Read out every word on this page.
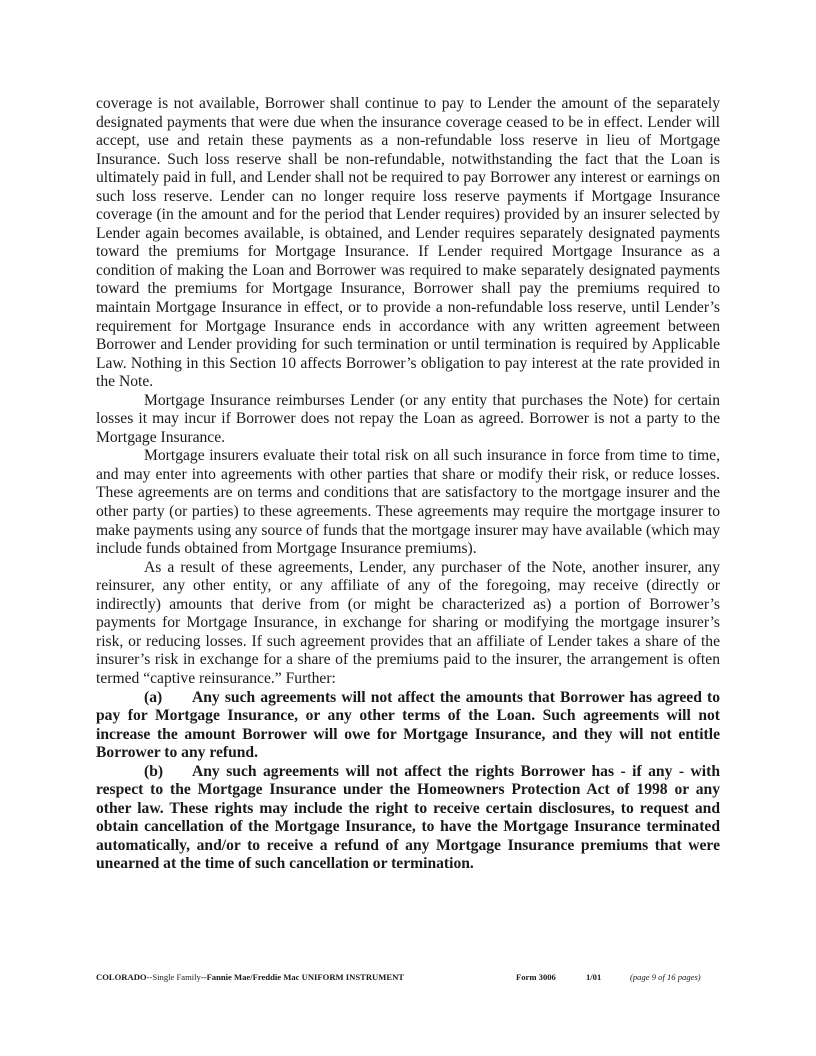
coverage is not available, Borrower shall continue to pay to Lender the amount of the separately designated payments that were due when the insurance coverage ceased to be in effect. Lender will accept, use and retain these payments as a non-refundable loss reserve in lieu of Mortgage Insurance. Such loss reserve shall be non-refundable, notwithstanding the fact that the Loan is ultimately paid in full, and Lender shall not be required to pay Borrower any interest or earnings on such loss reserve. Lender can no longer require loss reserve payments if Mortgage Insurance coverage (in the amount and for the period that Lender requires) provided by an insurer selected by Lender again becomes available, is obtained, and Lender requires separately designated payments toward the premiums for Mortgage Insurance. If Lender required Mortgage Insurance as a condition of making the Loan and Borrower was required to make separately designated payments toward the premiums for Mortgage Insurance, Borrower shall pay the premiums required to maintain Mortgage Insurance in effect, or to provide a non-refundable loss reserve, until Lender’s requirement for Mortgage Insurance ends in accordance with any written agreement between Borrower and Lender providing for such termination or until termination is required by Applicable Law. Nothing in this Section 10 affects Borrower’s obligation to pay interest at the rate provided in the Note.

Mortgage Insurance reimburses Lender (or any entity that purchases the Note) for certain losses it may incur if Borrower does not repay the Loan as agreed. Borrower is not a party to the Mortgage Insurance.

Mortgage insurers evaluate their total risk on all such insurance in force from time to time, and may enter into agreements with other parties that share or modify their risk, or reduce losses. These agreements are on terms and conditions that are satisfactory to the mortgage insurer and the other party (or parties) to these agreements. These agreements may require the mortgage insurer to make payments using any source of funds that the mortgage insurer may have available (which may include funds obtained from Mortgage Insurance premiums).

As a result of these agreements, Lender, any purchaser of the Note, another insurer, any reinsurer, any other entity, or any affiliate of any of the foregoing, may receive (directly or indirectly) amounts that derive from (or might be characterized as) a portion of Borrower’s payments for Mortgage Insurance, in exchange for sharing or modifying the mortgage insurer’s risk, or reducing losses. If such agreement provides that an affiliate of Lender takes a share of the insurer’s risk in exchange for a share of the premiums paid to the insurer, the arrangement is often termed “captive reinsurance.” Further:

(a) Any such agreements will not affect the amounts that Borrower has agreed to pay for Mortgage Insurance, or any other terms of the Loan. Such agreements will not increase the amount Borrower will owe for Mortgage Insurance, and they will not entitle Borrower to any refund.

(b) Any such agreements will not affect the rights Borrower has - if any - with respect to the Mortgage Insurance under the Homeowners Protection Act of 1998 or any other law. These rights may include the right to receive certain disclosures, to request and obtain cancellation of the Mortgage Insurance, to have the Mortgage Insurance terminated automatically, and/or to receive a refund of any Mortgage Insurance premiums that were unearned at the time of such cancellation or termination.

COLORADO--Single Family--Fannie Mae/Freddie Mac UNIFORM INSTRUMENT	Form 3006	1/01	(page 9 of 16 pages)
